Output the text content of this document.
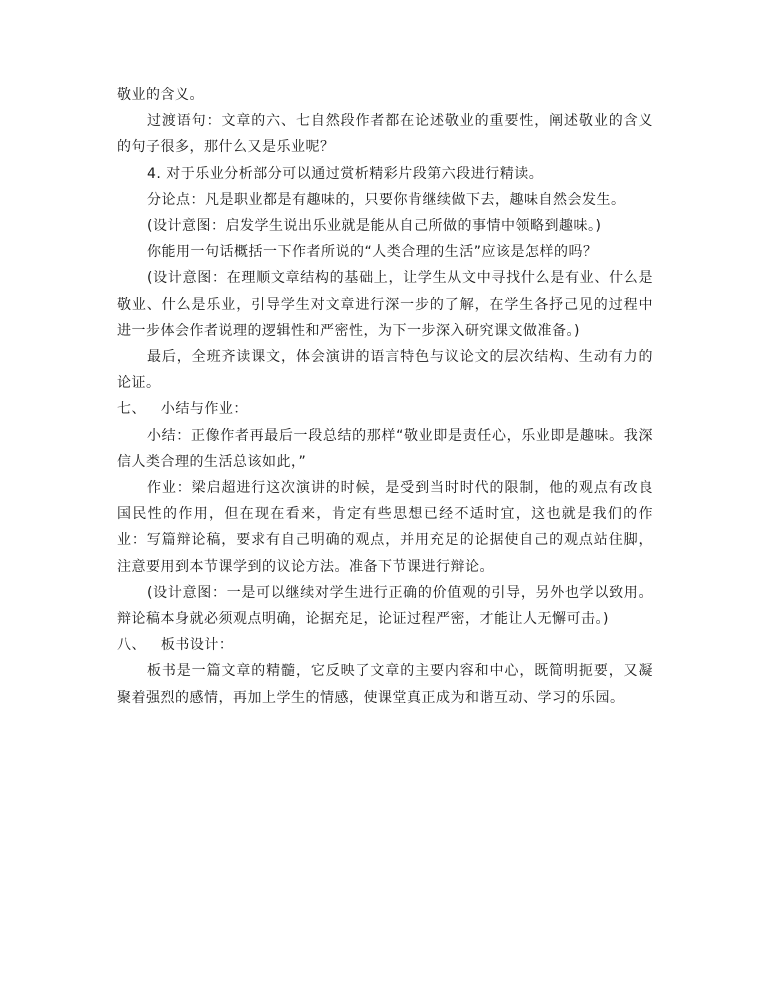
敬业的含义。

过渡语句：文章的六、七自然段作者都在论述敬业的重要性，阐述敬业的含义的句子很多，那什么又是乐业呢？

4. 对于乐业分析部分可以通过赏析精彩片段第六段进行精读。

分论点：凡是职业都是有趣味的，只要你肯继续做下去，趣味自然会发生。

(设计意图：启发学生说出乐业就是能从自己所做的事情中领略到趣味。)

你能用一句话概括一下作者所说的“人类合理的生活”应该是怎样的吗？

(设计意图：在理顺文章结构的基础上，让学生从文中寻找什么是有业、什么是敬业、什么是乐业，引导学生对文章进行深一步的了解，在学生各抒己见的过程中进一步体会作者说理的逻辑性和严密性，为下一步深入研究课文做准备。)

最后，全班齐读课文，体会演讲的语言特色与议论文的层次结构、生动有力的论证。

七、   小结与作业：

小结：正像作者再最后一段总结的那样“敬业即是责任心，乐业即是趣味。我深信人类合理的生活总该如此，”

作业：梁启超进行这次演讲的时候，是受到当时时代的限制，他的观点有改良国民性的作用，但在现在看来，肯定有些思想已经不适时宜，这也就是我们的作业：写篇辩论稿，要求有自己明确的观点，并用充足的论据使自己的观点站住脚，注意要用到本节课学到的议论方法。准备下节课进行辩论。

(设计意图：一是可以继续对学生进行正确的价值观的引导，另外也学以致用。辩论稿本身就必须观点明确，论据充足，论证过程严密，才能让人无懈可击。)

八、   板书设计：

板书是一篇文章的精髓，它反映了文章的主要内容和中心，既简明扼要，又凝聚着强烈的感情，再加上学生的情感，使课堂真正成为和谐互动、学习的乐园。
